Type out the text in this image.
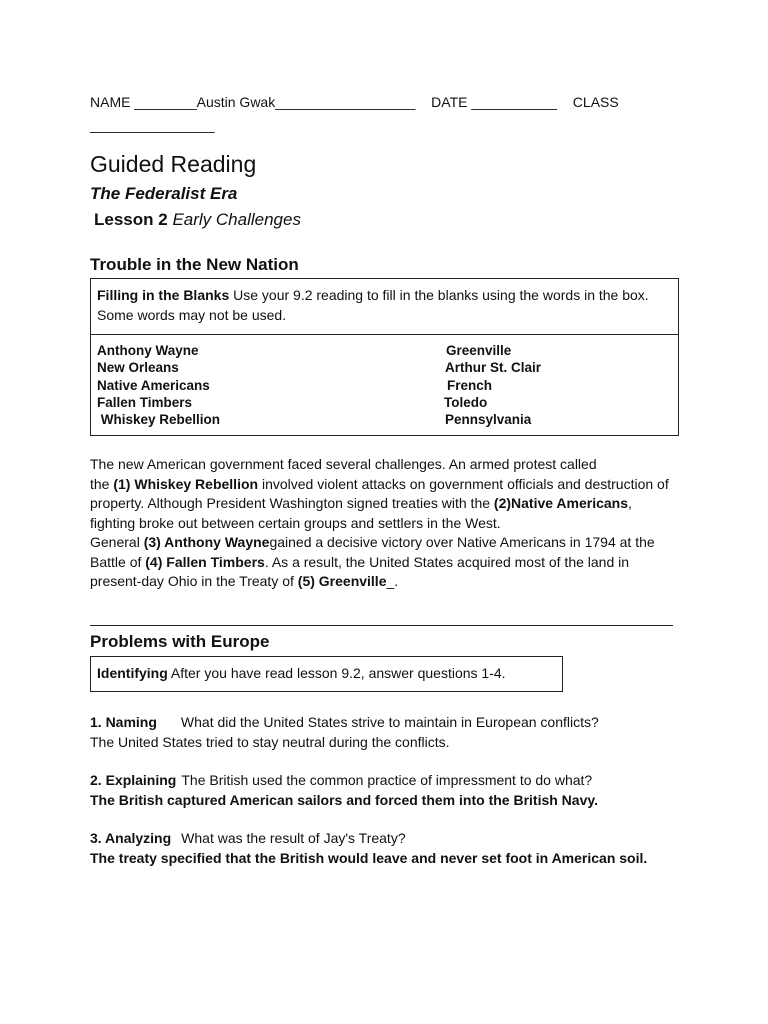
NAME ________Austin Gwak__________________ DATE ___________ CLASS
________________
Guided Reading
The Federalist Era
Lesson 2 Early Challenges
Trouble in the New Nation
Filling in the Blanks Use your 9.2 reading to fill in the blanks using the words in the box.
Some words may not be used.
Anthony Wayne
New Orleans
Native Americans
Fallen Timbers
Whiskey Rebellion
Greenville
Arthur St. Clair
French
Toledo
Pennsylvania
The new American government faced several challenges. An armed protest called
the (1) Whiskey Rebellion involved violent attacks on government officials and destruction of
property. Although President Washington signed treaties with the (2)Native Americans,
fighting broke out between certain groups and settlers in the West.
General (3) Anthony Waynegained a decisive victory over Native Americans in 1794 at the
Battle of (4) Fallen Timbers. As a result, the United States acquired most of the land in
present-day Ohio in the Treaty of (5) Greenville_.
Problems with Europe
Identifying After you have read lesson 9.2, answer questions 1-4.
1. Naming What did the United States strive to maintain in European conflicts?
The United States tried to stay neutral during the conflicts.
2. Explaining The British used the common practice of impressment to do what?
The British captured American sailors and forced them into the British Navy.
3. Analyzing What was the result of Jay's Treaty?
The treaty specified that the British would leave and never set foot in American soil.
